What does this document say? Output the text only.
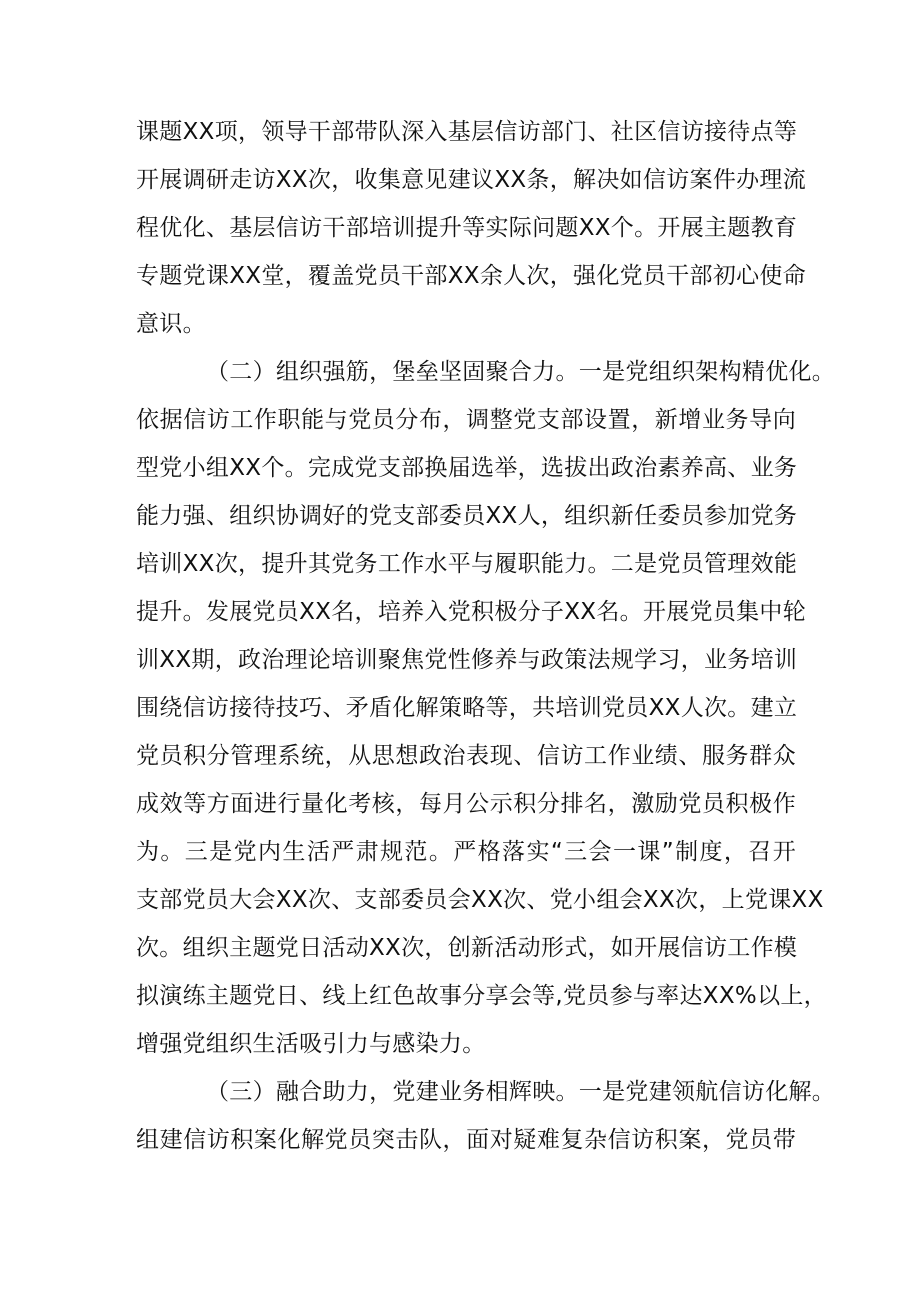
课题XX项，领导干部带队深入基层信访部门、社区信访接待点等
开展调研走访XX次，收集意见建议XX条，解决如信访案件办理流
程优化、基层信访干部培训提升等实际问题XX个。开展主题教育
专题党课XX堂，覆盖党员干部XX余人次，强化党员干部初心使命
意识。
（二）组织强筋，堡垒坚固聚合力。一是党组织架构精优化。
依据信访工作职能与党员分布，调整党支部设置，新增业务导向
型党小组XX个。完成党支部换届选举，选拔出政治素养高、业务
能力强、组织协调好的党支部委员XX人，组织新任委员参加党务
培训XX次，提升其党务工作水平与履职能力。二是党员管理效能
提升。发展党员XX名，培养入党积极分子XX名。开展党员集中轮
训XX期，政治理论培训聚焦党性修养与政策法规学习，业务培训
围绕信访接待技巧、矛盾化解策略等，共培训党员XX人次。建立
党员积分管理系统，从思想政治表现、信访工作业绩、服务群众
成效等方面进行量化考核，每月公示积分排名，激励党员积极作
为。三是党内生活严肃规范。严格落实“三会一课”制度，召开
支部党员大会XX次、支部委员会XX次、党小组会XX次，上党课XX
次。组织主题党日活动XX次，创新活动形式，如开展信访工作模
拟演练主题党日、线上红色故事分享会等,党员参与率达XX%以上，
增强党组织生活吸引力与感染力。
（三）融合助力，党建业务相辉映。一是党建领航信访化解。
组建信访积案化解党员突击队，面对疑难复杂信访积案，党员带
